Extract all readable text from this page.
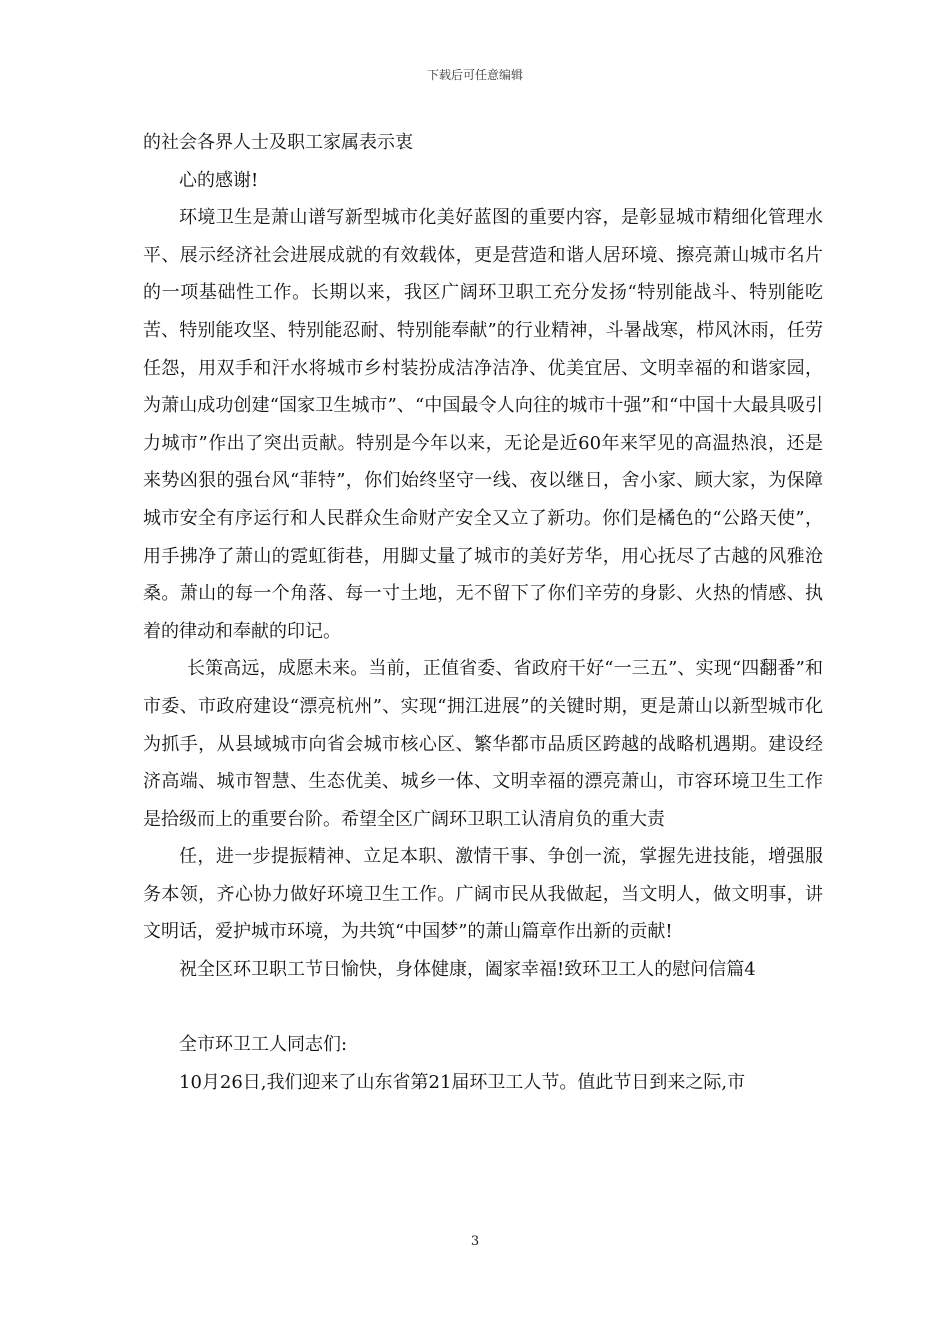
下载后可任意编辑

的社会各界人士及职工家属表示衷

心的感谢!

环境卫生是萧山谱写新型城市化美好蓝图的重要内容，是彰显城市精细化管理水平、展示经济社会进展成就的有效载体，更是营造和谐人居环境、擦亮萧山城市名片的一项基础性工作。长期以来，我区广阔环卫职工充分发扬“特别能战斗、特别能吃苦、特别能攻坚、特别能忍耐、特别能奉献”的行业精神，斗暑战寒，栉风沐雨，任劳任怨，用双手和汗水将城市乡村装扮成洁净洁净、优美宜居、文明幸福的和谐家园，为萧山成功创建“国家卫生城市”、“中国最令人向往的城市十强”和“中国十大最具吸引力城市”作出了突出贡献。特别是今年以来，无论是近60年来罕见的高温热浪，还是来势凶狠的强台风“菲特”，你们始终坚守一线、夜以继日，舍小家、顾大家，为保障城市安全有序运行和人民群众生命财产安全又立了新功。你们是橘色的“公路天使”，用手拂净了萧山的霓虹街巷，用脚丈量了城市的美好芳华，用心抚尽了古越的风雅沧桑。萧山的每一个角落、每一寸土地，无不留下了你们辛劳的身影、火热的情感、执着的律动和奉献的印记。

长策高远，成愿未来。当前，正值省委、省政府干好“一三五”、实现“四翻番”和市委、市政府建设“漂亮杭州”、实现“拥江进展”的关键时期，更是萧山以新型城市化为抓手，从县域城市向省会城市核心区、繁华都市品质区跨越的战略机遇期。建设经济高端、城市智慧、生态优美、城乡一体、文明幸福的漂亮萧山，市容环境卫生工作是拾级而上的重要台阶。希望全区广阔环卫职工认清肩负的重大责

任，进一步提振精神、立足本职、激情干事、争创一流，掌握先进技能，增强服务本领，齐心协力做好环境卫生工作。广阔市民从我做起，当文明人，做文明事，讲文明话，爱护城市环境，为共筑“中国梦”的萧山篇章作出新的贡献!

祝全区环卫职工节日愉快，身体健康，阖家幸福!致环卫工人的慰问信篇4

全市环卫工人同志们:

10月26日,我们迎来了山东省第21届环卫工人节。值此节日到来之际,市

3
